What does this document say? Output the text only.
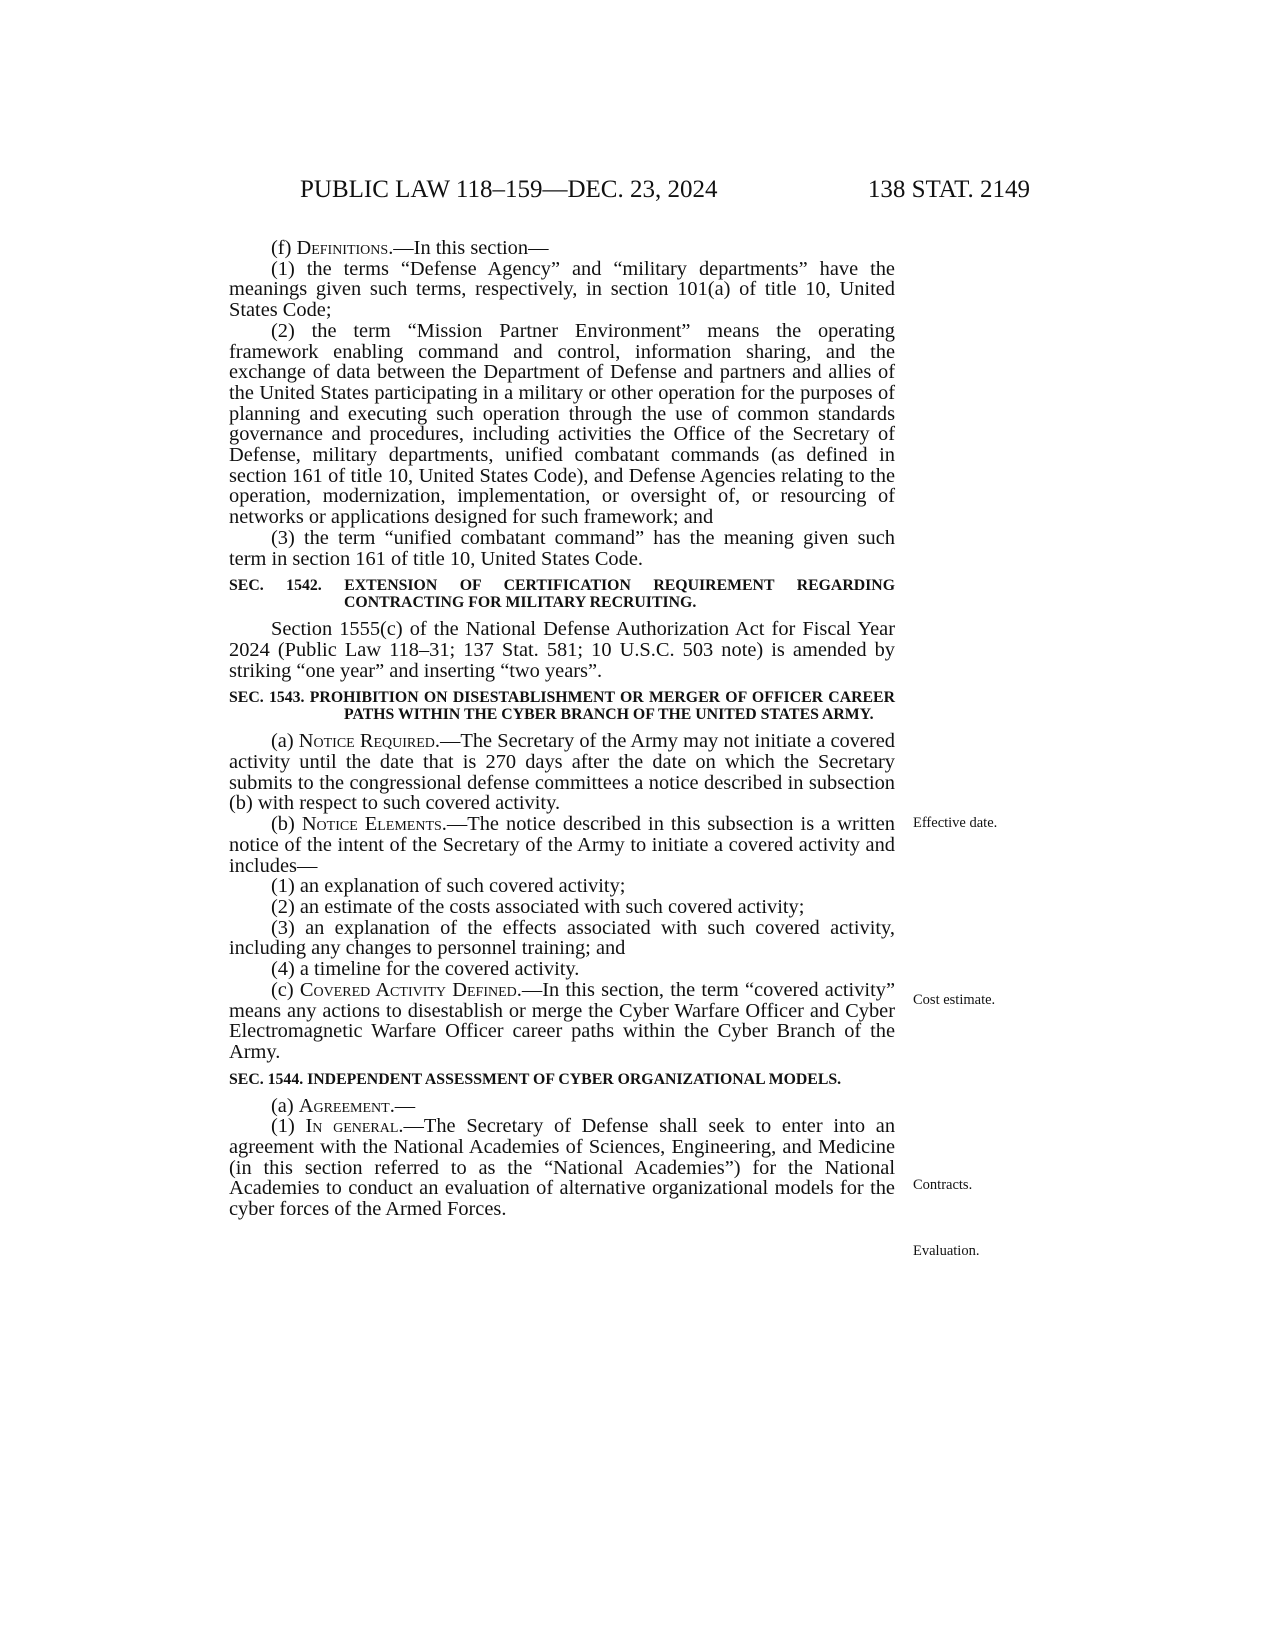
PUBLIC LAW 118–159—DEC. 23, 2024	138 STAT. 2149

(f) Definitions.—In this section—

(1) the terms “Defense Agency” and “military departments” have the meanings given such terms, respectively, in section 101(a) of title 10, United States Code;

(2) the term “Mission Partner Environment” means the operating framework enabling command and control, information sharing, and the exchange of data between the Department of Defense and partners and allies of the United States participating in a military or other operation for the purposes of planning and executing such operation through the use of common standards governance and procedures, including activities the Office of the Secretary of Defense, military departments, unified combatant commands (as defined in section 161 of title 10, United States Code), and Defense Agencies relating to the operation, modernization, implementation, or oversight of, or resourcing of networks or applications designed for such framework; and

(3) the term “unified combatant command” has the meaning given such term in section 161 of title 10, United States Code.

SEC. 1542. EXTENSION OF CERTIFICATION REQUIREMENT REGARDING CONTRACTING FOR MILITARY RECRUITING.

Section 1555(c) of the National Defense Authorization Act for Fiscal Year 2024 (Public Law 118–31; 137 Stat. 581; 10 U.S.C. 503 note) is amended by striking “one year” and inserting “two years”.

SEC. 1543. PROHIBITION ON DISESTABLISHMENT OR MERGER OF OFFICER CAREER PATHS WITHIN THE CYBER BRANCH OF THE UNITED STATES ARMY.

(a) Notice Required.—The Secretary of the Army may not initiate a covered activity until the date that is 270 days after the date on which the Secretary submits to the congressional defense committees a notice described in subsection (b) with respect to such covered activity.

(b) Notice Elements.—The notice described in this subsection is a written notice of the intent of the Secretary of the Army to initiate a covered activity and includes—

(1) an explanation of such covered activity;

(2) an estimate of the costs associated with such covered activity;

(3) an explanation of the effects associated with such covered activity, including any changes to personnel training; and

(4) a timeline for the covered activity.

(c) Covered Activity Defined.—In this section, the term “covered activity” means any actions to disestablish or merge the Cyber Warfare Officer and Cyber Electromagnetic Warfare Officer career paths within the Cyber Branch of the Army.

SEC. 1544. INDEPENDENT ASSESSMENT OF CYBER ORGANIZATIONAL MODELS.

(a) Agreement.—

(1) In general.—The Secretary of Defense shall seek to enter into an agreement with the National Academies of Sciences, Engineering, and Medicine (in this section referred to as the “National Academies”) for the National Academies to conduct an evaluation of alternative organizational models for the cyber forces of the Armed Forces.

Effective date.
Cost estimate.
Contracts.
Evaluation.
